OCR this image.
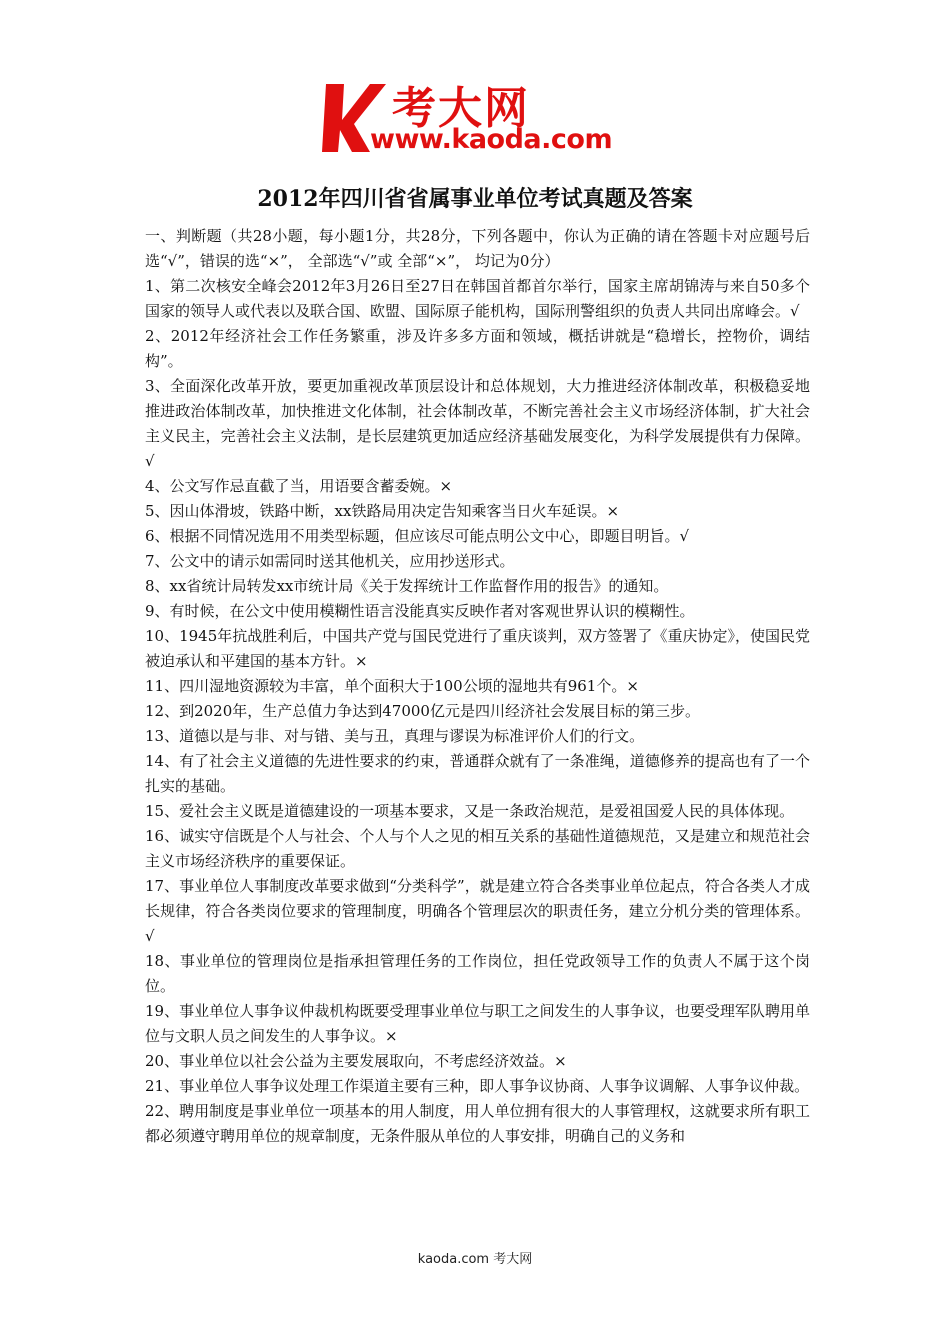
考大网
www.kaoda.com
2012年四川省省属事业单位考试真题及答案

一、判断题（共28小题，每小题1分，共28分，下列各题中，你认为正确的请在答题卡对应题号后选“√”，错误的选“×”， 全部选“√”或 全部“×”， 均记为0分）

1、第二次核安全峰会2012年3月26日至27日在韩国首都首尔举行，国家主席胡锦涛与来自50多个国家的领导人或代表以及联合国、欧盟、国际原子能机构，国际刑警组织的负责人共同出席峰会。√

2、2012年经济社会工作任务繁重，涉及许多多方面和领域，概括讲就是“稳增长，控物价，调结构”。

3、全面深化改革开放，要更加重视改革顶层设计和总体规划，大力推进经济体制改革，积极稳妥地推进政治体制改革，加快推进文化体制，社会体制改革，不断完善社会主义市场经济体制，扩大社会主义民主，完善社会主义法制，是长层建筑更加适应经济基础发展变化，为科学发展提供有力保障。√

4、公文写作忌直截了当，用语要含蓄委婉。×

5、因山体滑坡，铁路中断，xx铁路局用决定告知乘客当日火车延误。×

6、根据不同情况选用不用类型标题，但应该尽可能点明公文中心，即题目明旨。√

7、公文中的请示如需同时送其他机关，应用抄送形式。

8、xx省统计局转发xx市统计局《关于发挥统计工作监督作用的报告》的通知。

9、有时候，在公文中使用模糊性语言没能真实反映作者对客观世界认识的模糊性。

10、1945年抗战胜利后，中国共产党与国民党进行了重庆谈判，双方签署了《重庆协定》，使国民党被迫承认和平建国的基本方针。×

11、四川湿地资源较为丰富，单个面积大于100公顷的湿地共有961个。×

12、到2020年，生产总值力争达到47000亿元是四川经济社会发展目标的第三步。

13、道德以是与非、对与错、美与丑，真理与谬误为标准评价人们的行文。

14、有了社会主义道德的先进性要求的约束，普通群众就有了一条准绳，道德修养的提高也有了一个扎实的基础。

15、爱社会主义既是道德建设的一项基本要求，又是一条政治规范，是爱祖国爱人民的具体体现。

16、诚实守信既是个人与社会、个人与个人之见的相互关系的基础性道德规范，又是建立和规范社会主义市场经济秩序的重要保证。

17、事业单位人事制度改革要求做到“分类科学”，就是建立符合各类事业单位起点，符合各类人才成长规律，符合各类岗位要求的管理制度，明确各个管理层次的职责任务，建立分机分类的管理体系。√

18、事业单位的管理岗位是指承担管理任务的工作岗位，担任党政领导工作的负责人不属于这个岗位。

19、事业单位人事争议仲裁机构既要受理事业单位与职工之间发生的人事争议，也要受理军队聘用单位与文职人员之间发生的人事争议。×

20、事业单位以社会公益为主要发展取向，不考虑经济效益。×

21、事业单位人事争议处理工作渠道主要有三种，即人事争议协商、人事争议调解、人事争议仲裁。

22、聘用制度是事业单位一项基本的用人制度，用人单位拥有很大的人事管理权，这就要求所有职工都必须遵守聘用单位的规章制度，无条件服从单位的人事安排，明确自己的义务和

kaoda.com 考大网
